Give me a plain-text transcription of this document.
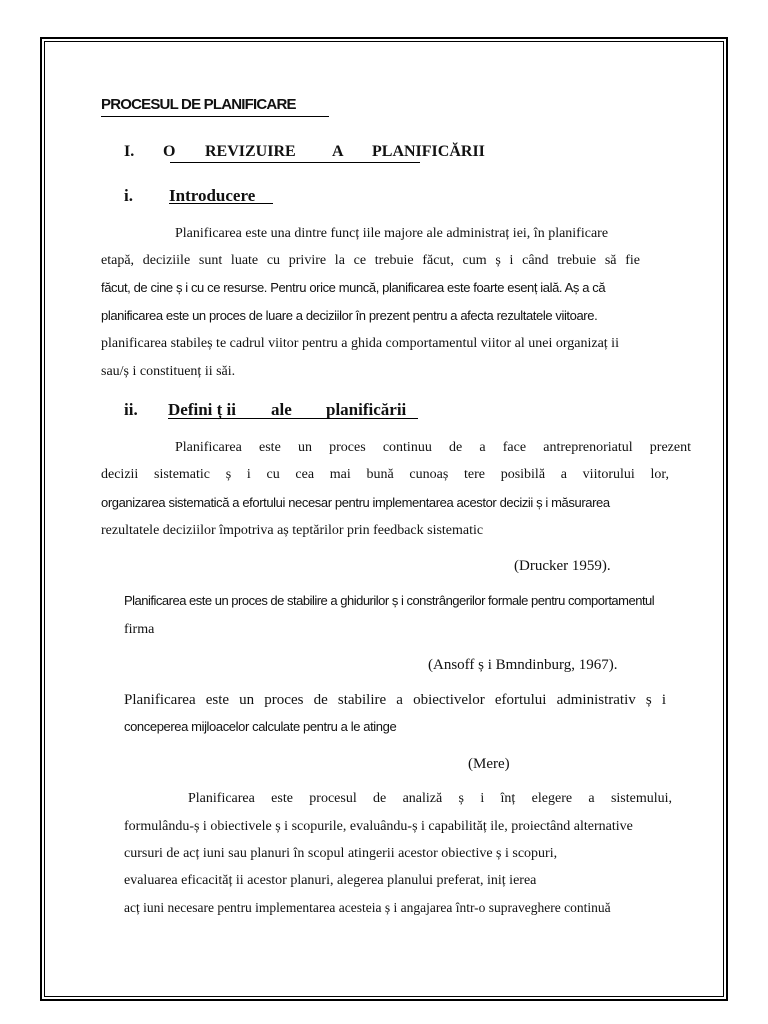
PROCESUL DE PLANIFICARE
I. O REVIZUIRE A PLANIFICĂRII
i. Introducere
Planificarea este una dintre funcț iile majore ale administraț iei, în planificare
etapă, deciziile sunt luate cu privire la ce trebuie făcut, cum ș i când trebuie să fie
făcut, de cine ș i cu ce resurse. Pentru orice muncă, planificarea este foarte esenț ială. Aș a că
planificarea este un proces de luare a deciziilor în prezent pentru a afecta rezultatele viitoare.
planificarea stabileș te cadrul viitor pentru a ghida comportamentul viitor al unei organizaț ii
sau/ș i constituenț ii săi.
ii. Defini ț ii ale planificării
Planificarea este un proces continuu de a face antreprenoriatul prezent
decizii sistematic ș i cu cea mai bună cunoaș tere posibilă a viitorului lor,
organizarea sistematică a efortului necesar pentru implementarea acestor decizii ș i măsurarea
rezultatele deciziilor împotriva aș teptărilor prin feedback sistematic
(Drucker 1959).
Planificarea este un proces de stabilire a ghidurilor ș i constrângerilor formale pentru comportamentul
firma
(Ansoff ș i Bmndinburg, 1967).
Planificarea este un proces de stabilire a obiectivelor efortului administrativ ș i
conceperea mijloacelor calculate pentru a le atinge
(Mere)
Planificarea este procesul de analiză ș i înț elegere a sistemului,
formulându-ș i obiectivele ș i scopurile, evaluându-ș i capabilităț ile, proiectând alternative
cursuri de acț iuni sau planuri în scopul atingerii acestor obiective ș i scopuri,
evaluarea eficacităț ii acestor planuri, alegerea planului preferat, iniț ierea
acț iuni necesare pentru implementarea acesteia ș i angajarea într-o supraveghere continuă
